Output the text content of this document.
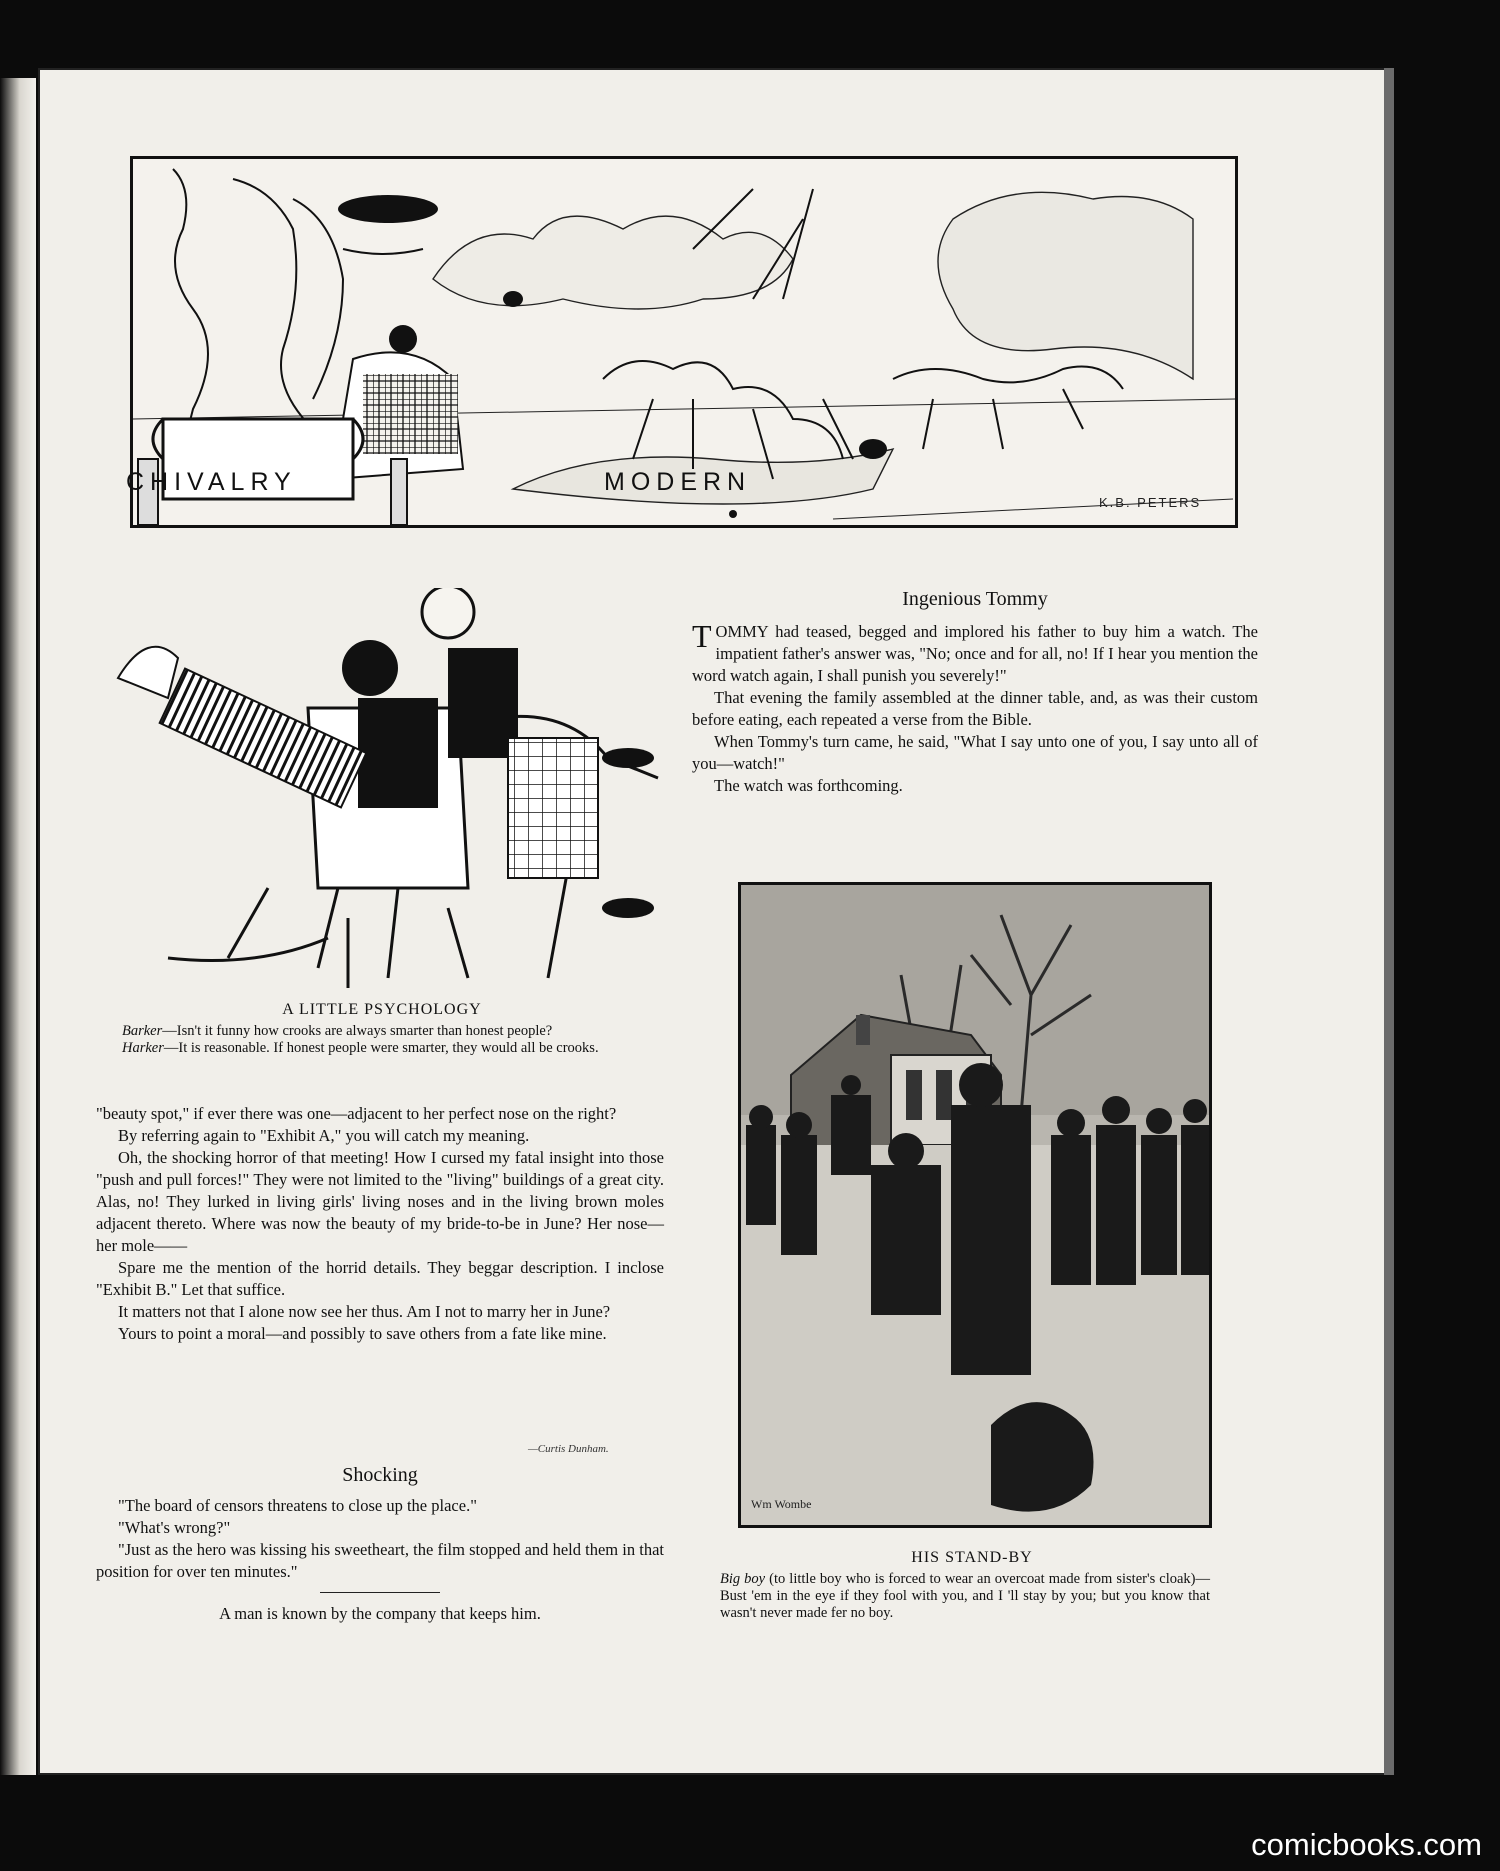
K.B. PETERS
CHIVALRY	MODERN
A LITTLE PSYCHOLOGY
Barker—Isn't it funny how crooks are always smarter than honest people?
Harker—It is reasonable. If honest people were smarter, they would all be crooks.

"beauty spot," if ever there was one—adjacent to her perfect nose on the right?

By referring again to "Exhibit A," you will catch my meaning.

Oh, the shocking horror of that meeting! How I cursed my fatal insight into those "push and pull forces!" They were not limited to the "living" buildings of a great city. Alas, no! They lurked in living girls' living noses and in the living brown moles adjacent thereto. Where was now the beauty of my bride-to-be in June? Her nose—her mole——

Spare me the mention of the horrid details. They beggar description. I inclose "Exhibit B." Let that suffice.

It matters not that I alone now see her thus. Am I not to marry her in June?

Yours to point a moral—and possibly to save others from a fate like mine.

—Curtis Dunham.
Shocking

"The board of censors threatens to close up the place."

"What's wrong?"

"Just as the hero was kissing his sweetheart, the film stopped and held them in that position for over ten minutes."

A man is known by the company that keeps him.
Ingenious Tommy

TOMMY had teased, begged and implored his father to buy him a watch. The impatient father's answer was, "No; once and for all, no! If I hear you mention the word watch again, I shall punish you severely!"

That evening the family assembled at the dinner table, and, as was their custom before eating, each repeated a verse from the Bible.

When Tommy's turn came, he said, "What I say unto one of you, I say unto all of you—watch!"

The watch was forthcoming.

Wm Wombe
HIS STAND-BY
Big boy (to little boy who is forced to wear an overcoat made from sister's cloak)—Bust 'em in the eye if they fool with you, and I 'll stay by you; but you know that wasn't never made fer no boy.
comicbooks.com
